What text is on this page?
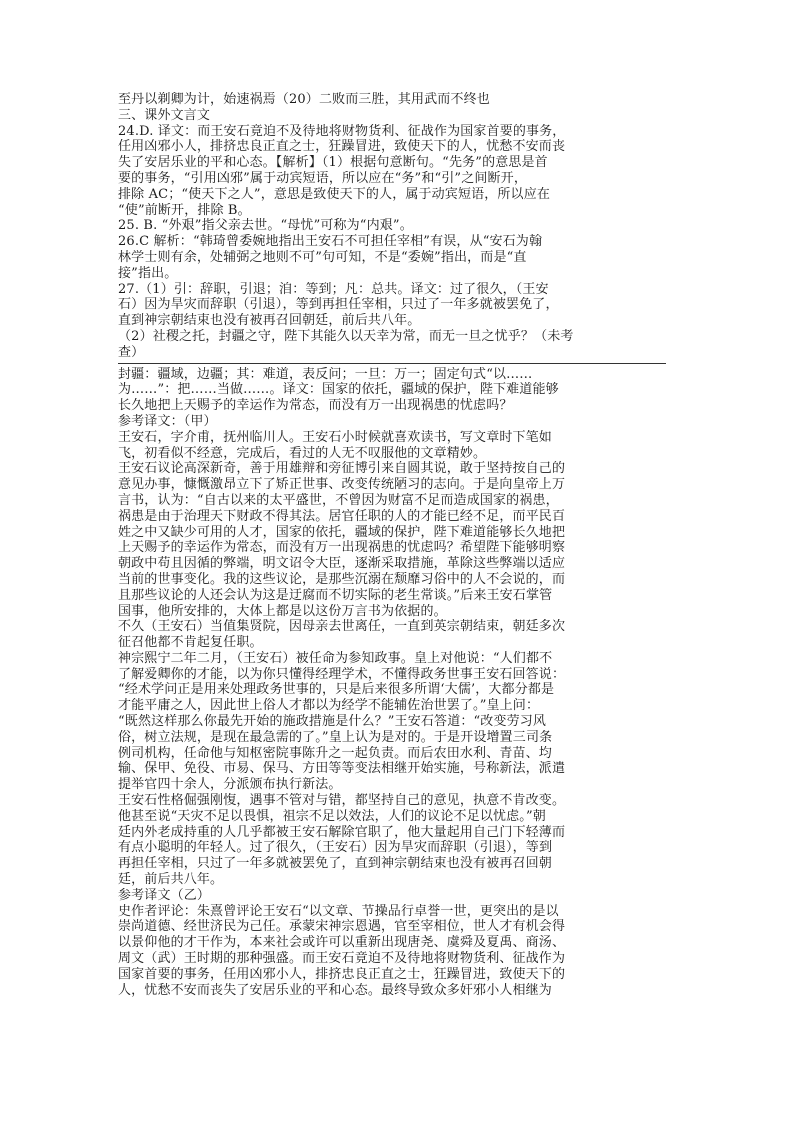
至丹以剃卿为计，始速祸焉（20）二败而三胜，其用武而不终也
三、课外文言文
24.D. 译文：而王安石竟迫不及待地将财物货利、征战作为国家首要的事务，
任用凶邪小人，排挤忠良正直之士，狂躁冒进，致使天下的人，忧愁不安而丧
失了安居乐业的平和心态。【解析】（1）根据句意断句。“先务”的意思是首
要的事务，“引用凶邪”属于动宾短语，所以应在“务”和“引”之间断开，
排除 AC；“使天下之人”，意思是致使天下的人，属于动宾短语，所以应在
“使”前断开，排除 B。
25. B. “外艰”指父亲去世。“母忧”可称为“内艰”。
26.C 解析：“韩琦曾委婉地指出王安石不可担任宰相”有误，从“安石为翰
林学士则有余，处辅弼之地则不可”句可知，不是“委婉”指出，而是“直
接”指出。
27.（1）引：辞职，引退；洎：等到；凡：总共。译文：过了很久，（王安
石）因为旱灾而辞职（引退），等到再担任宰相，只过了一年多就被罢免了，
直到神宗朝结束也没有被再召回朝廷，前后共八年。
（2）社稷之托，封疆之守，陛下其能久以天幸为常，而无一旦之忧乎？（未考
查）
封疆：疆域，边疆；其：难道，表反问；一旦：万一；固定句式“以……
为……”：把……当做……。译文：国家的依托，疆域的保护，陛下难道能够
长久地把上天赐予的幸运作为常态，而没有万一出现祸患的忧虑吗？
参考译文：（甲）
王安石，字介甫，抚州临川人。王安石小时候就喜欢读书，写文章时下笔如
飞，初看似不经意，完成后，看过的人无不叹服他的文章精妙。
王安石议论高深新奇，善于用雄辩和旁征博引来自圆其说，敢于坚持按自己的
意见办事，慷慨激昂立下了矫正世事、改变传统陋习的志向。于是向皇帝上万
言书，认为：“自古以来的太平盛世，不曾因为财富不足而造成国家的祸患，
祸患是由于治理天下财政不得其法。居官任职的人的才能已经不足，而平民百
姓之中又缺少可用的人才，国家的依托，疆域的保护，陛下难道能够长久地把
上天赐予的幸运作为常态，而没有万一出现祸患的忧虑吗？希望陛下能够明察
朝政中苟且因循的弊端，明文诏令大臣，逐渐采取措施，革除这些弊端以适应
当前的世事变化。我的这些议论，是那些沉溺在颓靡习俗中的人不会说的，而
且那些议论的人还会认为这是迂腐而不切实际的老生常谈。”后来王安石掌管
国事，他所安排的，大体上都是以这份万言书为依据的。
不久（王安石）当值集贤院，因母亲去世离任，一直到英宗朝结束，朝廷多次
征召他都不肯起复任职。
神宗熙宁二年二月，（王安石）被任命为参知政事。皇上对他说：“人们都不
了解爱卿你的才能，以为你只懂得经理学术，不懂得政务世事王安石回答说：
“经术学问正是用来处理政务世事的，只是后来很多所谓‘大儒’，大都分都是
才能平庸之人，因此世上俗人才都以为经学不能辅佐治世罢了。”皇上问：
“既然这样那么你最先开始的施政措施是什么？”王安石答道：“改变劳习风
俗，树立法规，是现在最急需的了。”皇上认为是对的。于是开设增置三司条
例司机构，任命他与知枢密院事陈升之一起负责。而后农田水利、青苗、均
输、保甲、免役、市易、保马、方田等等变法相继开始实施，号称新法，派遣
提举官四十余人，分派颁布执行新法。
王安石性格倔强刚愎，遇事不管对与错，都坚持自己的意见，执意不肯改变。
他甚至说“天灾不足以畏惧，祖宗不足以效法，人们的议论不足以忧虑。”朝
廷内外老成持重的人几乎都被王安石解除官职了，他大量起用自己门下轻薄而
有点小聪明的年轻人。过了很久，（王安石）因为旱灾而辞职（引退），等到
再担任宰相，只过了一年多就被罢免了，直到神宗朝结束也没有被再召回朝
廷，前后共八年。
参考译文（乙）
史作者评论：朱熹曾评论王安石“以文章、节操品行卓誉一世，更突出的是以
崇尚道德、经世济民为己任。承蒙宋神宗恩遇，官至宰相位，世人才有机会得
以景仰他的才干作为，本来社会或许可以重新出现唐尧、虞舜及夏禹、商汤、
周文（武）王时期的那种强盛。而王安石竟迫不及待地将财物货利、征战作为
国家首要的事务，任用凶邪小人，排挤忠良正直之士，狂躁冒进，致使天下的
人，忧愁不安而丧失了安居乐业的平和心态。最终导致众多奸邪小人相继为
